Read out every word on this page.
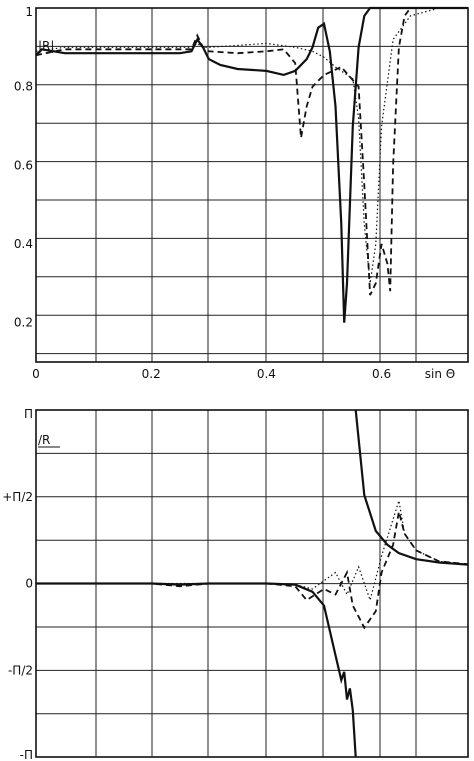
1
0.8
0.6
0.4
0.2
0	0.2	0.4	0.6
|R|
sin Θ
Π
+Π/2
0
-Π/2
-Π
/R
